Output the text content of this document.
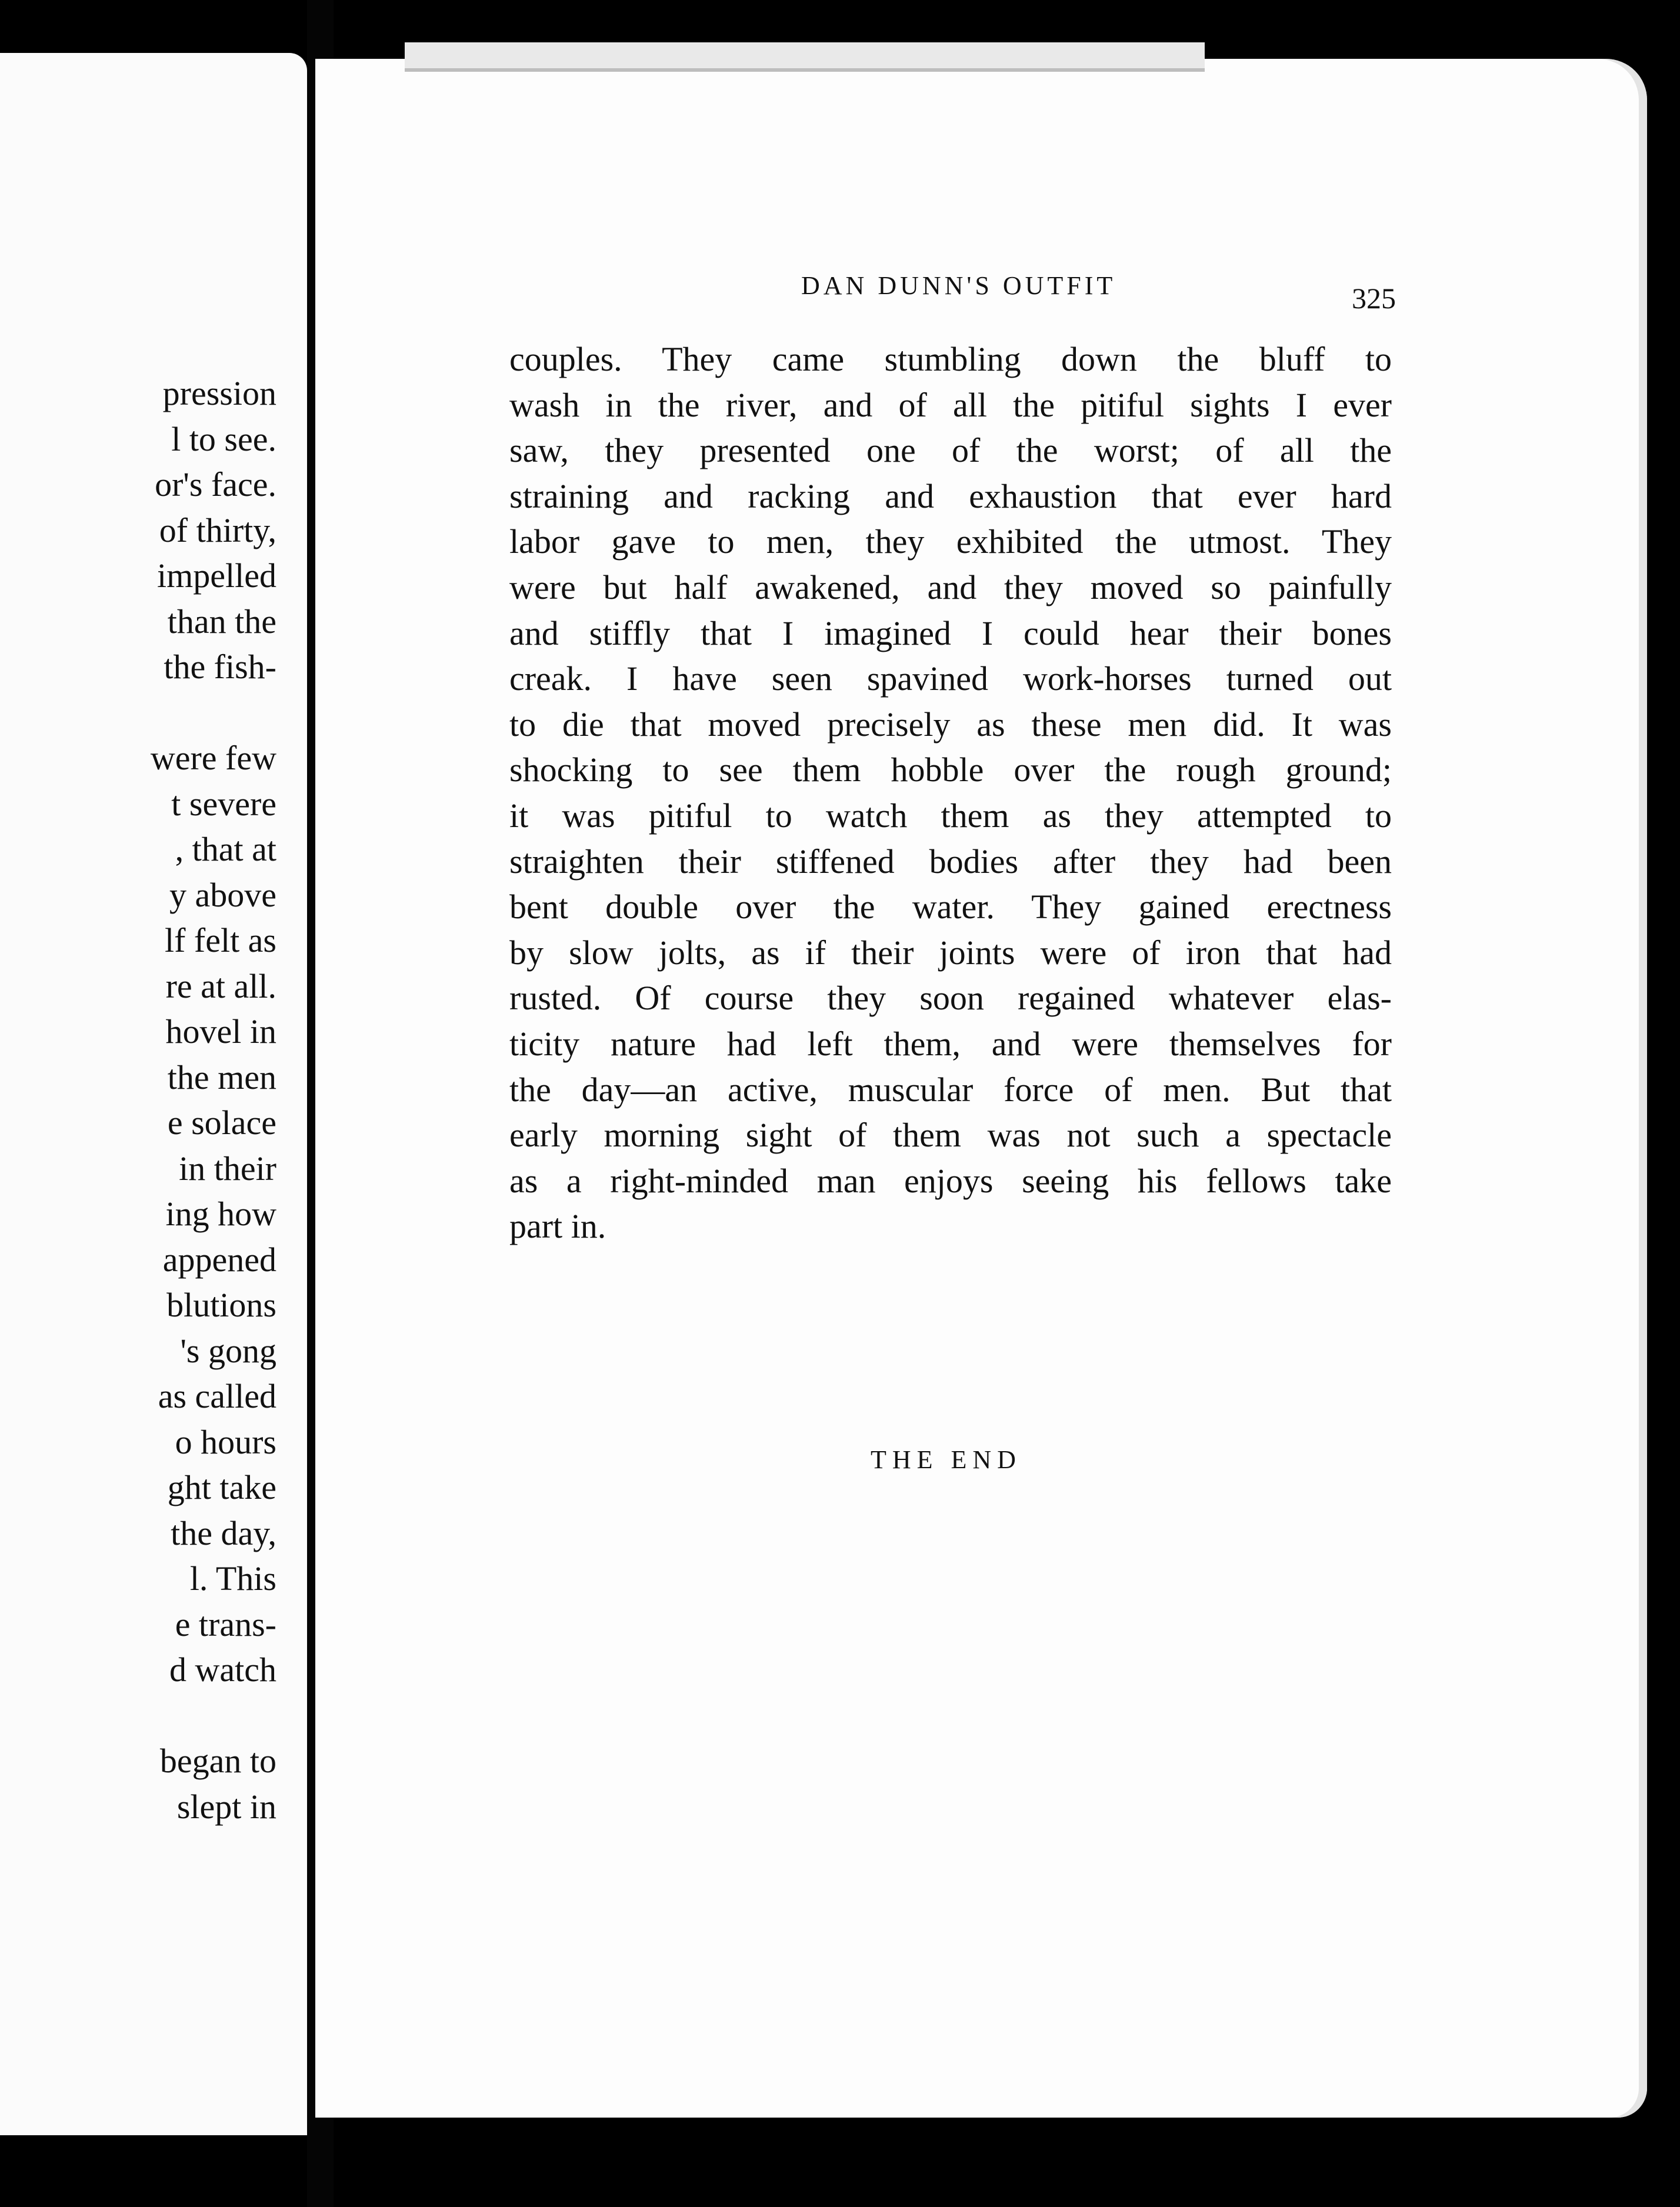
pression
l to see.
or's face.
of thirty,
impelled
than the
the fish-
were few
t severe
, that at
y above
lf felt as
re at all.
hovel in
the men
e solace
in their
ing how
appened
blutions
's gong
as called
o hours
ght take
the day,
l. This
e trans-
d watch
began to
slept in
DAN DUNN'S OUTFIT	325
couples. They came stumbling down the bluff to
wash in the river, and of all the pitiful sights I ever
saw, they presented one of the worst; of all the
straining and racking and exhaustion that ever hard
labor gave to men, they exhibited the utmost. They
were but half awakened, and they moved so painfully
and stiffly that I imagined I could hear their bones
creak. I have seen spavined work-horses turned out
to die that moved precisely as these men did. It was
shocking to see them hobble over the rough ground;
it was pitiful to watch them as they attempted to
straighten their stiffened bodies after they had been
bent double over the water. They gained erectness
by slow jolts, as if their joints were of iron that had
rusted. Of course they soon regained whatever elas-
ticity nature had left them, and were themselves for
the day—an active, muscular force of men. But that
early morning sight of them was not such a spectacle
as a right-minded man enjoys seeing his fellows take
part in.
THE END
